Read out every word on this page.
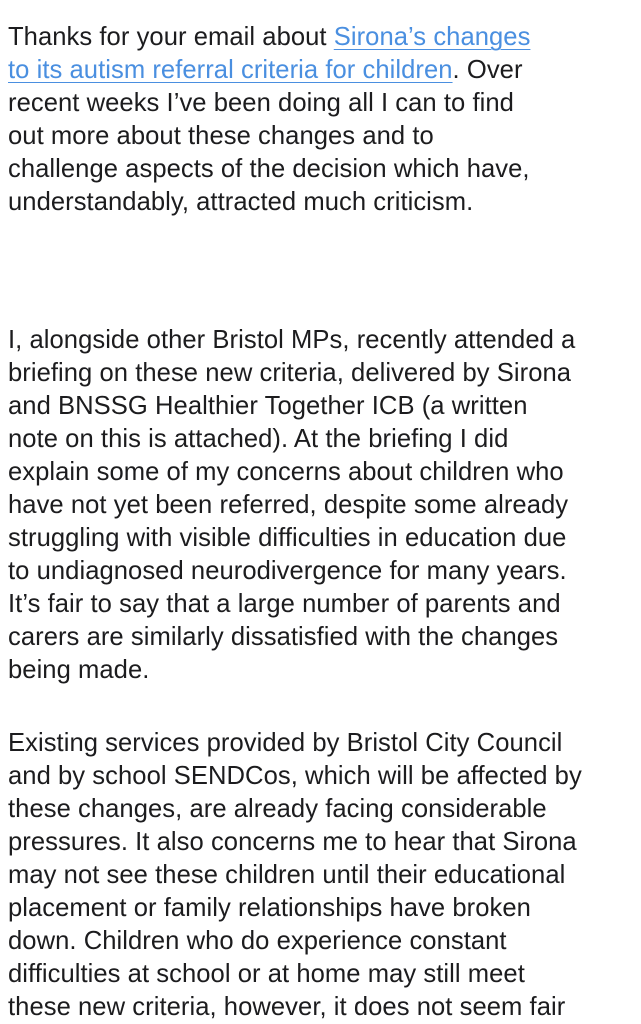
Thanks for your email about Sirona’s changes
to its autism referral criteria for children. Over
recent weeks I’ve been doing all I can to find
out more about these changes and to
challenge aspects of the decision which have,
understandably, attracted much criticism.

I, alongside other Bristol MPs, recently attended a
briefing on these new criteria, delivered by Sirona
and BNSSG Healthier Together ICB (a written
note on this is attached). At the briefing I did
explain some of my concerns about children who
have not yet been referred, despite some already
struggling with visible difficulties in education due
to undiagnosed neurodivergence for many years.
It’s fair to say that a large number of parents and
carers are similarly dissatisfied with the changes
being made.

Existing services provided by Bristol City Council
and by school SENDCos, which will be affected by
these changes, are already facing considerable
pressures. It also concerns me to hear that Sirona
may not see these children until their educational
placement or family relationships have broken
down. Children who do experience constant
difficulties at school or at home may still meet
these new criteria, however, it does not seem fair
